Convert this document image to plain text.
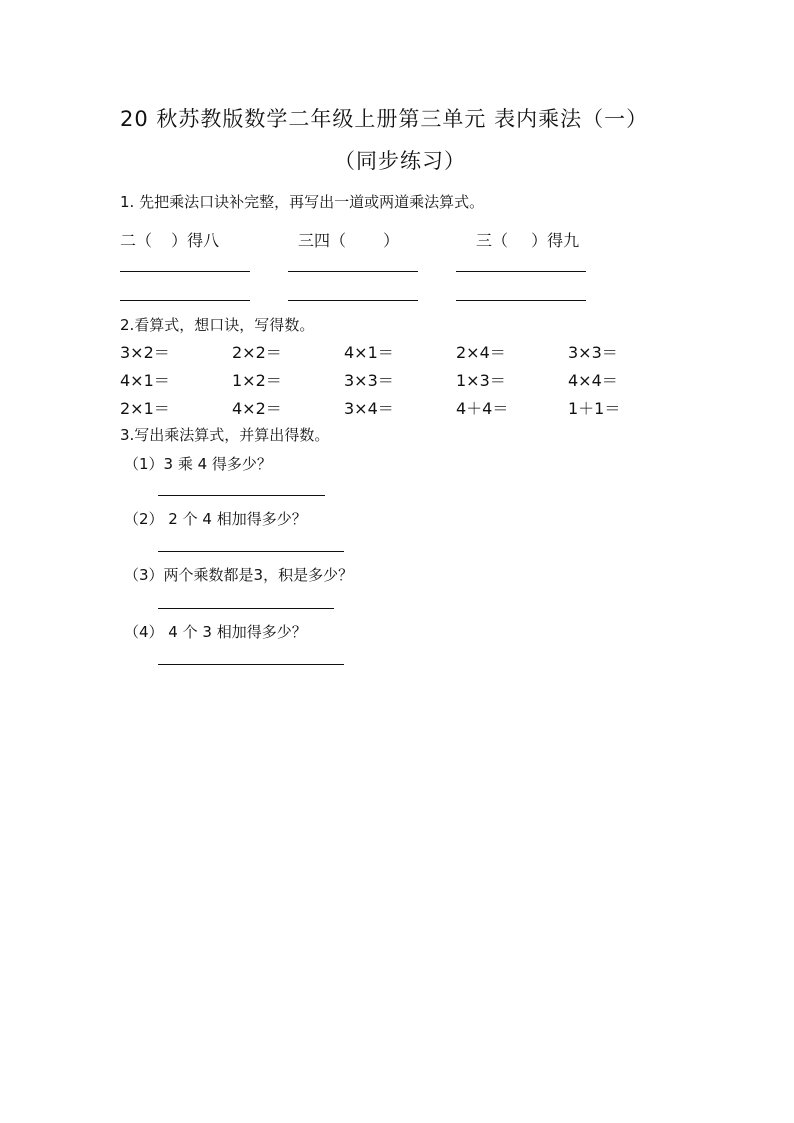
20 秋苏教版数学二年级上册第三单元 表内乘法（一）
（同步练习）
1. 先把乘法口诀补完整，再写出一道或两道乘法算式。
二（ ）得八	三四（ ）	三（ ）得九
2.看算式，想口诀，写得数。
3×2＝	2×2＝	4×1＝	2×4＝	3×3＝
4×1＝	1×2＝	3×3＝	1×3＝	4×4＝
2×1＝	4×2＝	3×4＝	4＋4＝	1＋1＝
3.写出乘法算式，并算出得数。
（1）3 乘 4 得多少？
（2） 2 个 4 相加得多少？
（3）两个乘数都是3，积是多少？
（4） 4 个 3 相加得多少？
